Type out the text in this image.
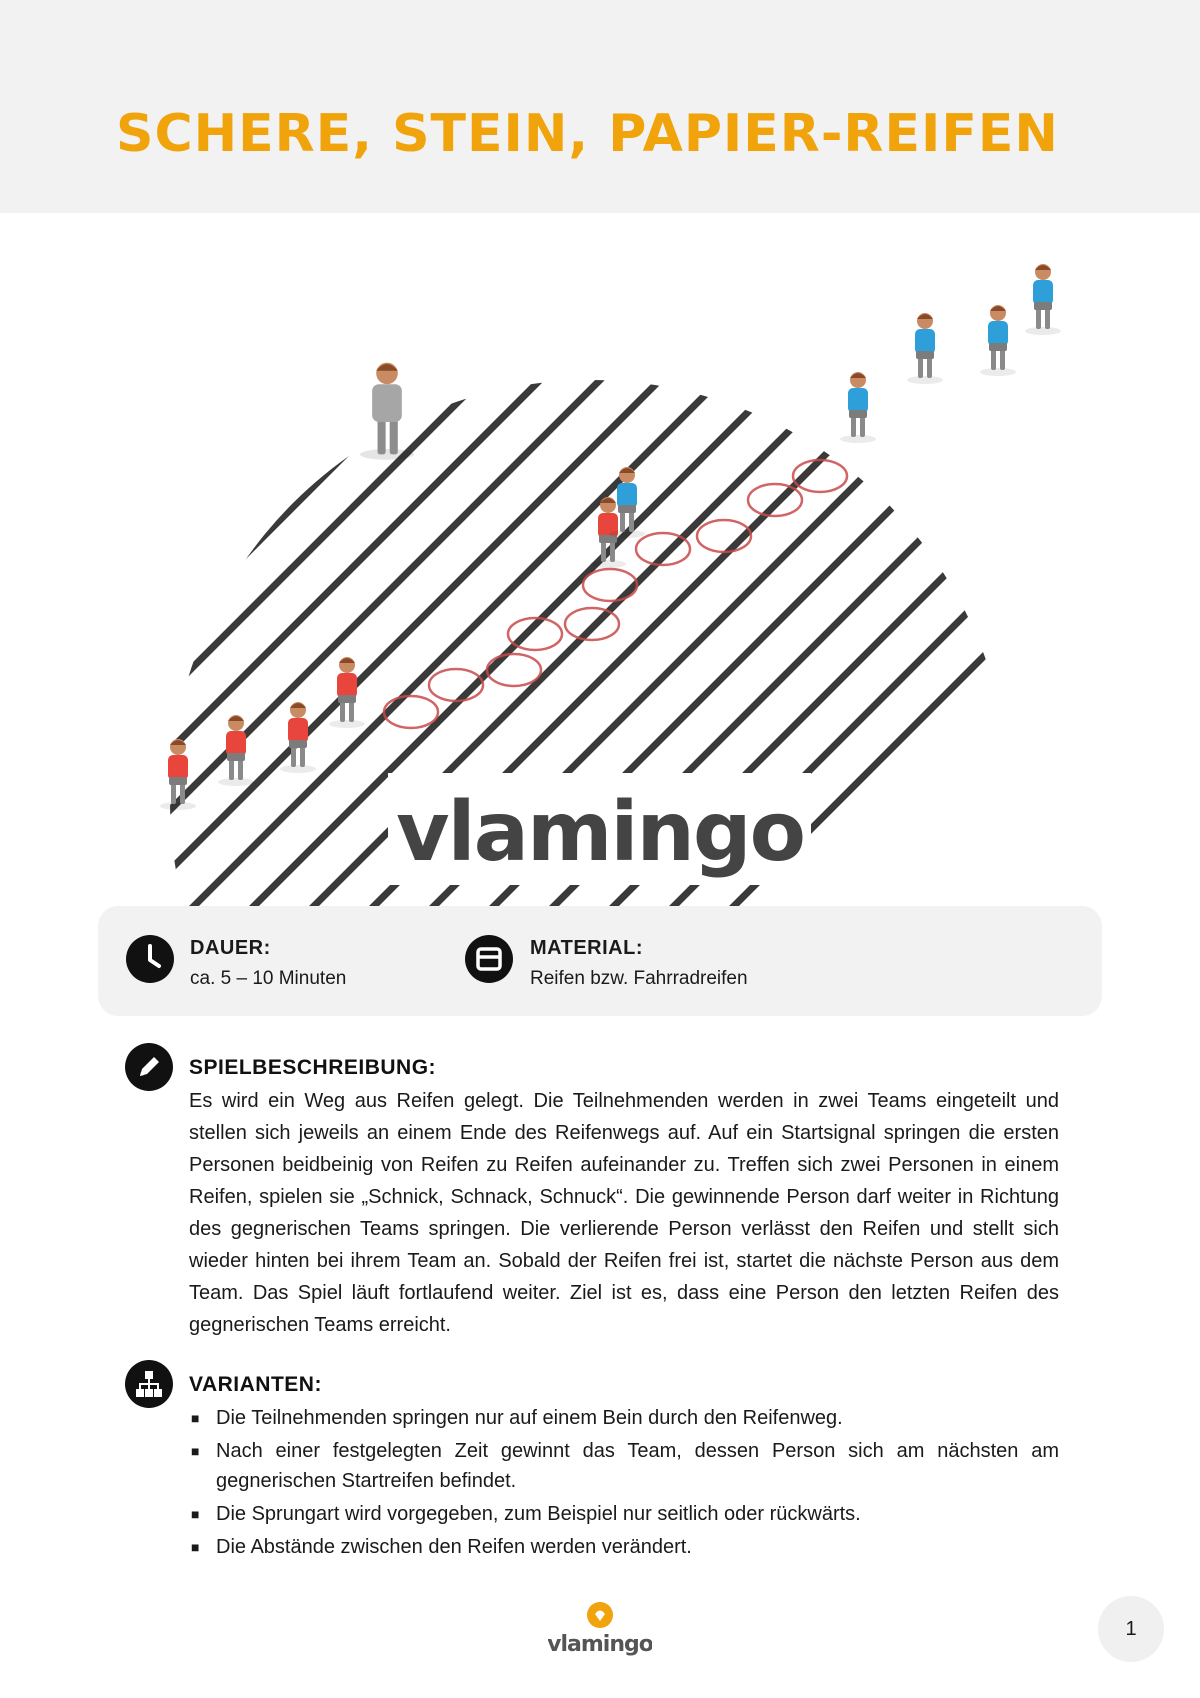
SCHERE, STEIN, PAPIER-REIFEN
vlamingo
DAUER:
ca. 5 – 10 Minuten
MATERIAL:
Reifen bzw. Fahrradreifen
SPIELBESCHREIBUNG:

Es wird ein Weg aus Reifen gelegt. Die Teilnehmenden werden in zwei Teams eingeteilt und stellen sich jeweils an einem Ende des Reifenwegs auf. Auf ein Startsignal springen die ersten Personen beidbeinig von Reifen zu Reifen aufeinander zu. Treffen sich zwei Personen in einem Reifen, spielen sie „Schnick, Schnack, Schnuck“. Die gewinnende Person darf weiter in Richtung des gegnerischen Teams springen. Die verlierende Person verlässt den Reifen und stellt sich wieder hinten bei ihrem Team an. Sobald der Reifen frei ist, startet die nächste Person aus dem Team. Das Spiel läuft fortlaufend weiter. Ziel ist es, dass eine Person den letzten Reifen des gegnerischen Teams erreicht.

VARIANTEN:
■ Die Teilnehmenden springen nur auf einem Bein durch den Reifenweg.
■ Nach einer festgelegten Zeit gewinnt das Team, dessen Person sich am nächsten am gegnerischen Startreifen befindet.
■ Die Sprungart wird vorgegeben, zum Beispiel nur seitlich oder rückwärts.
■ Die Abstände zwischen den Reifen werden verändert.
vlamingo
1
